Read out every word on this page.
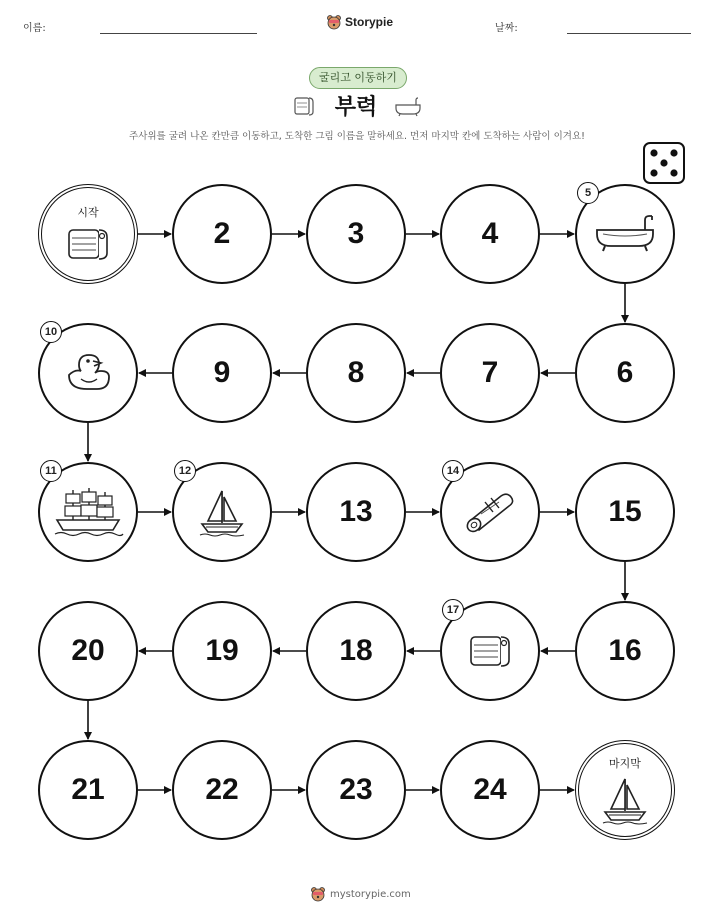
이름:	Storypie	날짜:
굴리고 이동하기
부력
주사위를 굴려 나온 칸만큼 이동하고, 도착한 그림 이름을 말하세요. 먼저 마지막 칸에 도착하는 사람이 이겨요!
시작
2	3	4
5
6
7
8
9
10
11	12
13
14
15
16
17
18
19
20
21	22	23	24
마지막
mystorypie.com
